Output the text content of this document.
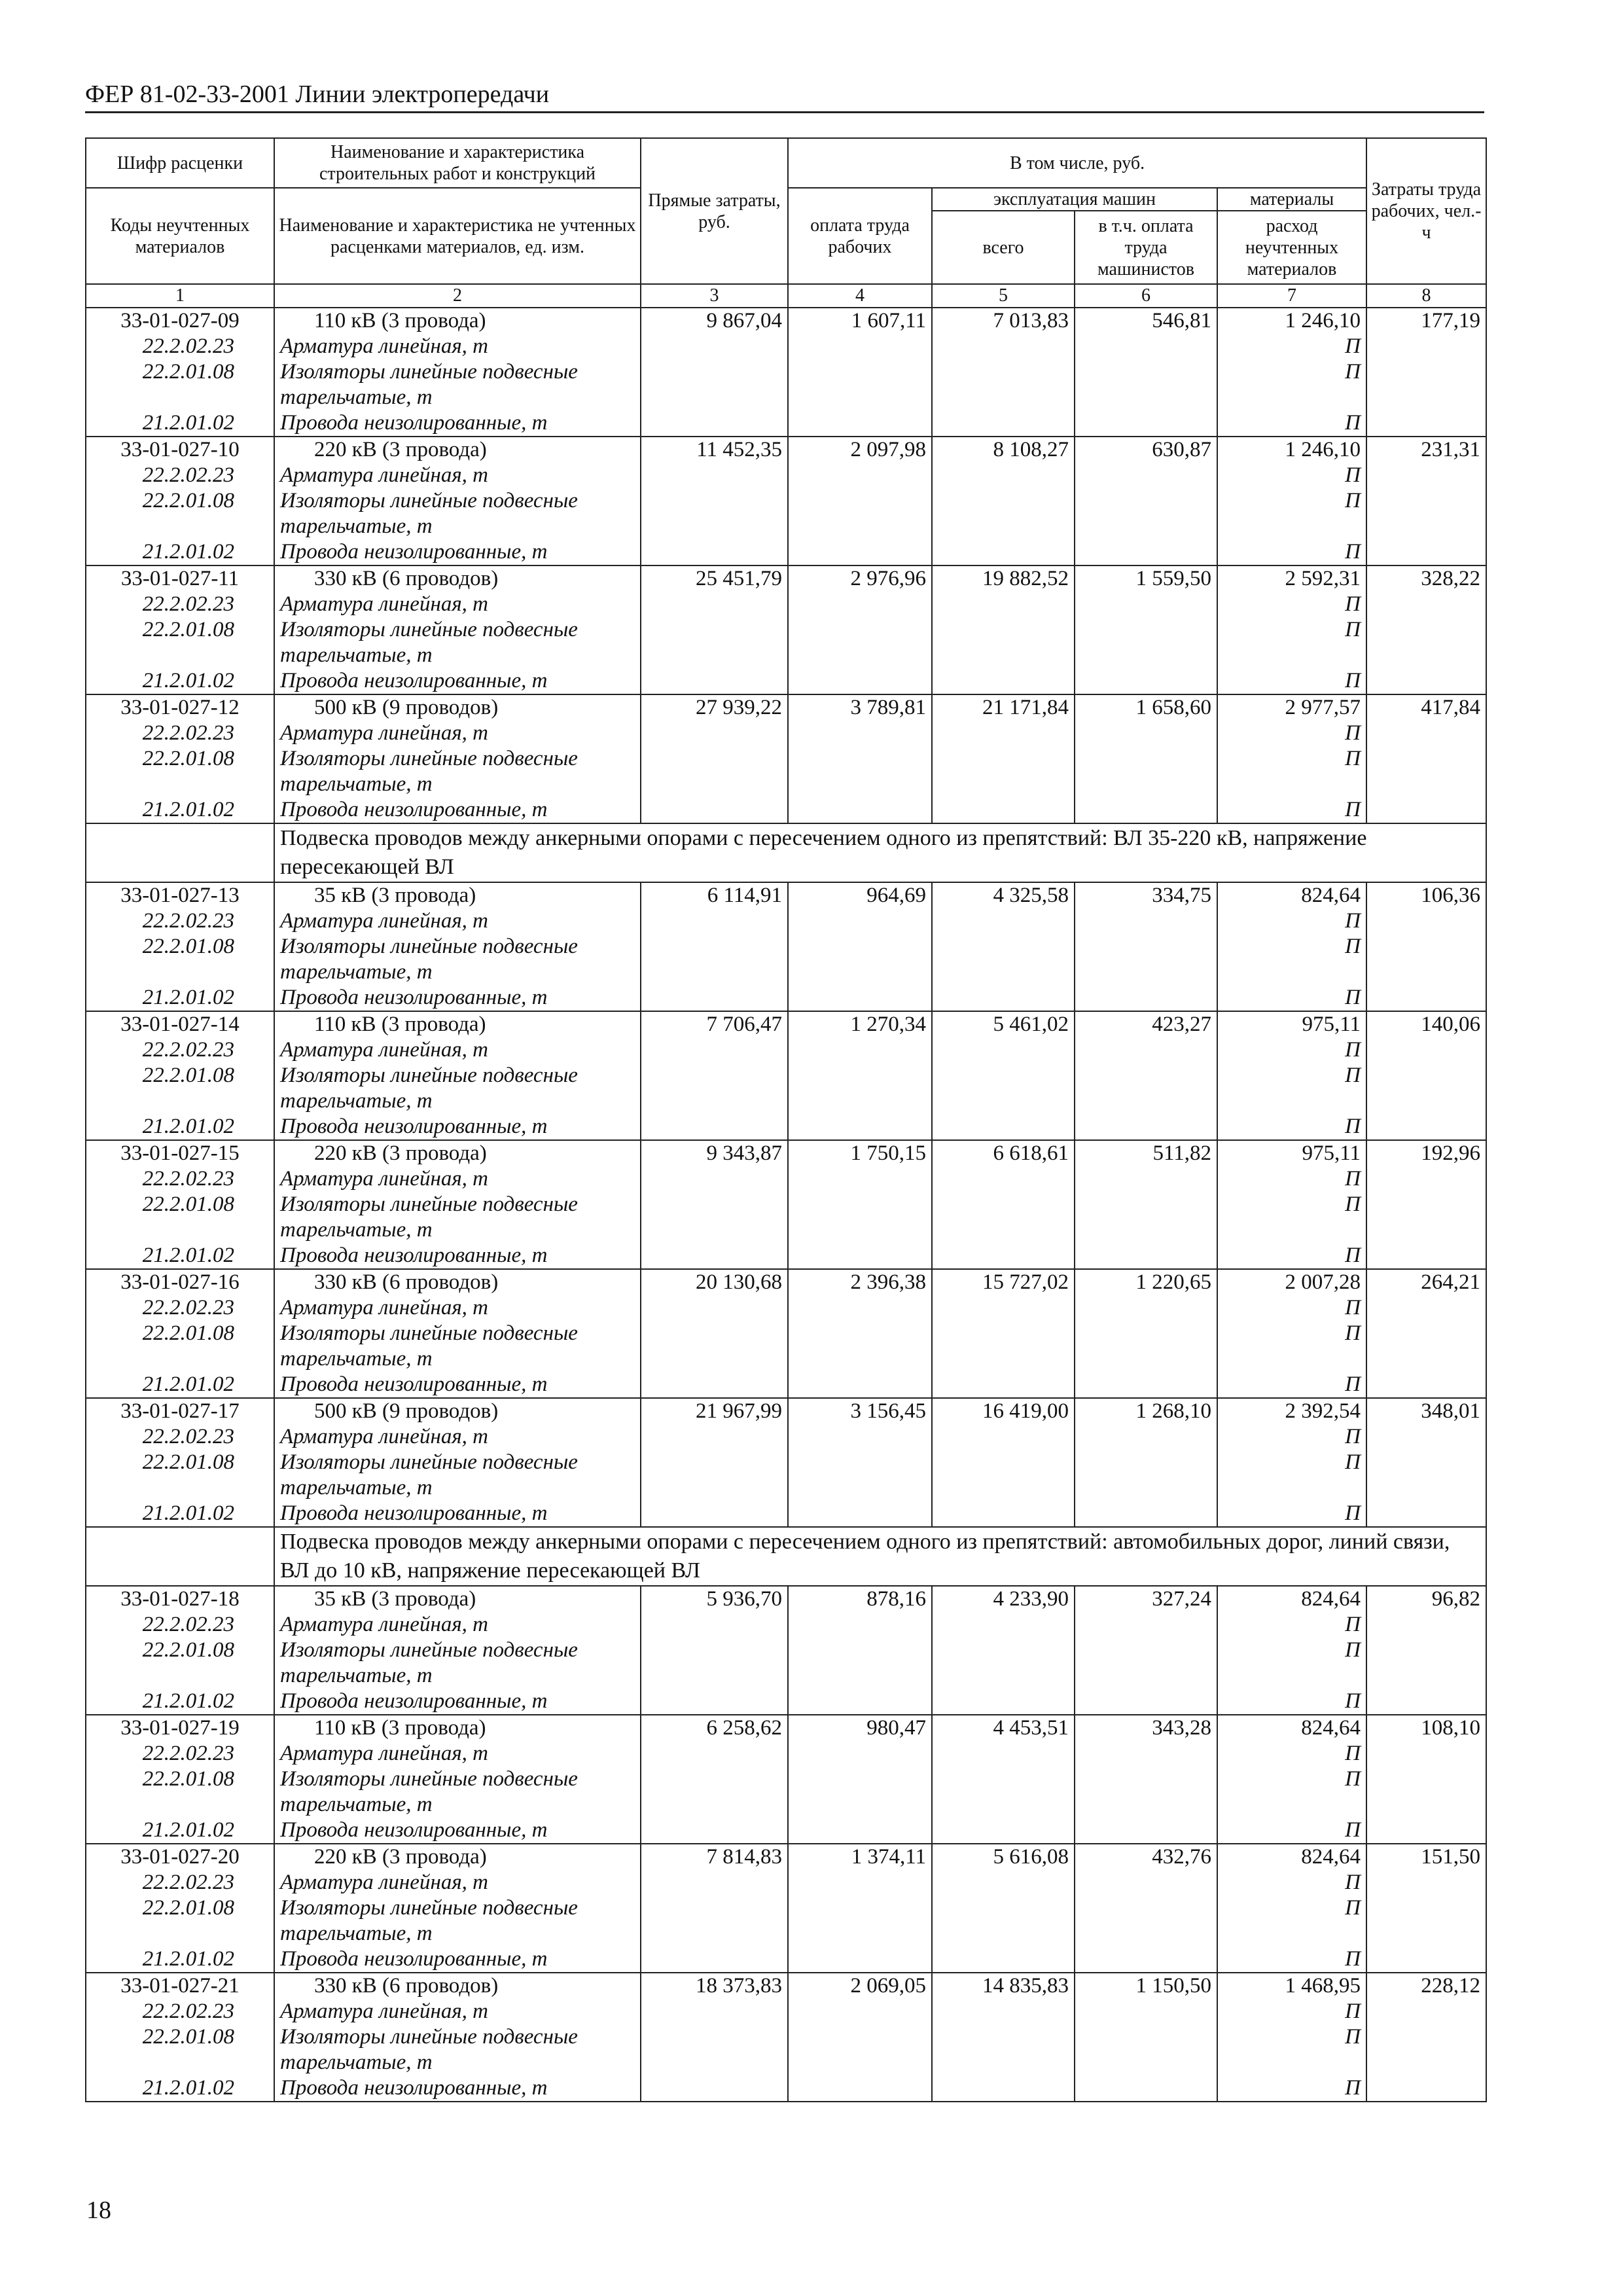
ФЕР 81-02-33-2001 Линии электропередачи
Шифр расценки	Наименование и характеристика строительных работ и конструкций	Прямые затраты, руб.	В том числе, руб.				Затраты труда рабочих, чел.-ч
Коды неучтенных материалов	Наименование и характеристика не учтенных расценками материалов, ед. изм.		оплата труда рабочих	эксплуатация машин		материалы	
				всего	в т.ч. оплата труда машинистов	расход неучтенных материалов	
1	2	3	4	5	6	7	8
33-01-027-09	110 кВ (3 провода)	9 867,04	1 607,11	7 013,83	546,81	1 246,10	177,19
22.2.02.23	Арматура линейная, т					П	
22.2.01.08	Изоляторы линейные подвесные тарельчатые, т					П	
21.2.01.02	Провода неизолированные, т					П	
33-01-027-10	220 кВ (3 провода)	11 452,35	2 097,98	8 108,27	630,87	1 246,10	231,31
22.2.02.23	Арматура линейная, т					П	
22.2.01.08	Изоляторы линейные подвесные тарельчатые, т					П	
21.2.01.02	Провода неизолированные, т					П	
33-01-027-11	330 кВ (6 проводов)	25 451,79	2 976,96	19 882,52	1 559,50	2 592,31	328,22
22.2.02.23	Арматура линейная, т					П	
22.2.01.08	Изоляторы линейные подвесные тарельчатые, т					П	
21.2.01.02	Провода неизолированные, т					П	
33-01-027-12	500 кВ (9 проводов)	27 939,22	3 789,81	21 171,84	1 658,60	2 977,57	417,84
22.2.02.23	Арматура линейная, т					П	
22.2.01.08	Изоляторы линейные подвесные тарельчатые, т					П	
21.2.01.02	Провода неизолированные, т					П	
	Подвеска проводов между анкерными опорами с пересечением одного из препятствий: ВЛ 35-220 кВ, напряжение пересекающей ВЛ						
33-01-027-13	35 кВ (3 провода)	6 114,91	964,69	4 325,58	334,75	824,64	106,36
22.2.02.23	Арматура линейная, т					П	
22.2.01.08	Изоляторы линейные подвесные тарельчатые, т					П	
21.2.01.02	Провода неизолированные, т					П	
33-01-027-14	110 кВ (3 провода)	7 706,47	1 270,34	5 461,02	423,27	975,11	140,06
22.2.02.23	Арматура линейная, т					П	
22.2.01.08	Изоляторы линейные подвесные тарельчатые, т					П	
21.2.01.02	Провода неизолированные, т					П	
33-01-027-15	220 кВ (3 провода)	9 343,87	1 750,15	6 618,61	511,82	975,11	192,96
22.2.02.23	Арматура линейная, т					П	
22.2.01.08	Изоляторы линейные подвесные тарельчатые, т					П	
21.2.01.02	Провода неизолированные, т					П	
33-01-027-16	330 кВ (6 проводов)	20 130,68	2 396,38	15 727,02	1 220,65	2 007,28	264,21
22.2.02.23	Арматура линейная, т					П	
22.2.01.08	Изоляторы линейные подвесные тарельчатые, т					П	
21.2.01.02	Провода неизолированные, т					П	
33-01-027-17	500 кВ (9 проводов)	21 967,99	3 156,45	16 419,00	1 268,10	2 392,54	348,01
22.2.02.23	Арматура линейная, т					П	
22.2.01.08	Изоляторы линейные подвесные тарельчатые, т					П	
21.2.01.02	Провода неизолированные, т					П	
	Подвеска проводов между анкерными опорами с пересечением одного из препятствий: автомобильных дорог, линий связи, ВЛ до 10 кВ, напряжение пересекающей ВЛ						
33-01-027-18	35 кВ (3 провода)	5 936,70	878,16	4 233,90	327,24	824,64	96,82
22.2.02.23	Арматура линейная, т					П	
22.2.01.08	Изоляторы линейные подвесные тарельчатые, т					П	
21.2.01.02	Провода неизолированные, т					П	
33-01-027-19	110 кВ (3 провода)	6 258,62	980,47	4 453,51	343,28	824,64	108,10
22.2.02.23	Арматура линейная, т					П	
22.2.01.08	Изоляторы линейные подвесные тарельчатые, т					П	
21.2.01.02	Провода неизолированные, т					П	
33-01-027-20	220 кВ (3 провода)	7 814,83	1 374,11	5 616,08	432,76	824,64	151,50
22.2.02.23	Арматура линейная, т					П	
22.2.01.08	Изоляторы линейные подвесные тарельчатые, т					П	
21.2.01.02	Провода неизолированные, т					П	
33-01-027-21	330 кВ (6 проводов)	18 373,83	2 069,05	14 835,83	1 150,50	1 468,95	228,12
22.2.02.23	Арматура линейная, т					П	
22.2.01.08	Изоляторы линейные подвесные тарельчатые, т					П	
21.2.01.02	Провода неизолированные, т					П	
18
